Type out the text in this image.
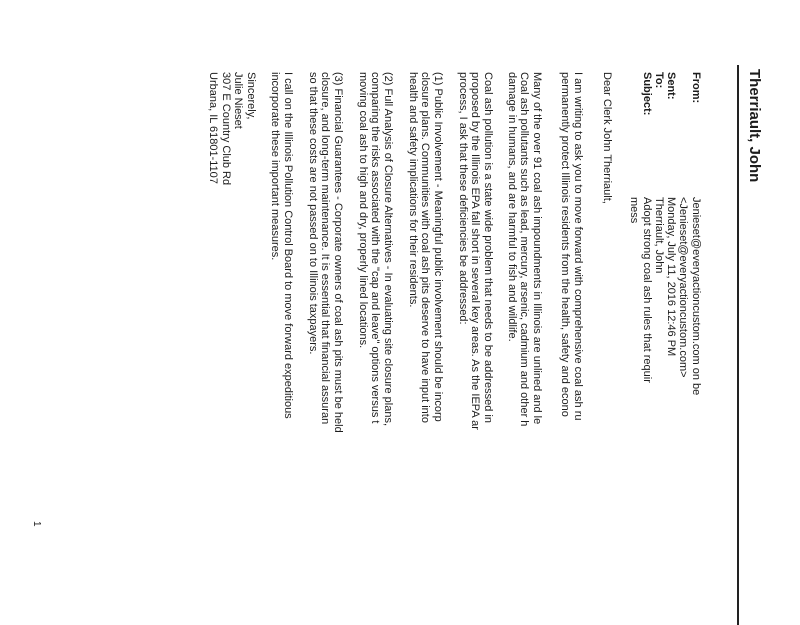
Therriault, John
From:
Jenieset@everyactioncustom.com on be
<Jenieset@everyactioncustom.com>
Sent:
Monday, July 11, 2016 12:46 PM
To:
Therriault, John
Subject:
Adopt strong coal ash rules that requir
mess
Dear Clerk John Therriault,
I am writing to ask you to move forward with comprehensive coal ash ru
permanently protect Illinois residents from the health, safety and econo
Many of the over 91 coal ash impoundments in Illinois are unlined and le
Coal ash pollutants such as lead, mercury, arsenic, cadmium and other h
damage in humans, and are harmful to fish and wildlife.
Coal ash pollution is a state wide problem that needs to be addressed in
proposed by the Illinois EPA fall short in several key areas. As the IEPA ar
process, I ask that these deficiencies be addressed:
(1) Public Involvement - Meaningful public involvement should be incorp
closure plans. Communities with coal ash pits deserve to have input into
health and safety implications for their residents.
(2) Full Analysis of Closure Alternatives - In evaluating site closure plans,
comparing the risks associated with the "cap and leave" options versus t
moving coal ash to high and dry, properly lined locations.
(3) Financial Guarantees - Corporate owners of coal ash pits must be held
closure, and long-term maintenance. It is essential that financial assuran
so that these costs are not passed on to Illinois taxpayers.
I call on the Illinois Pollution Control Board to move forward expeditious
incorporate these important measures.
Sincerely,
Julie Nieset
307 E Country Club Rd
Urbana, IL 61801-1107
1
